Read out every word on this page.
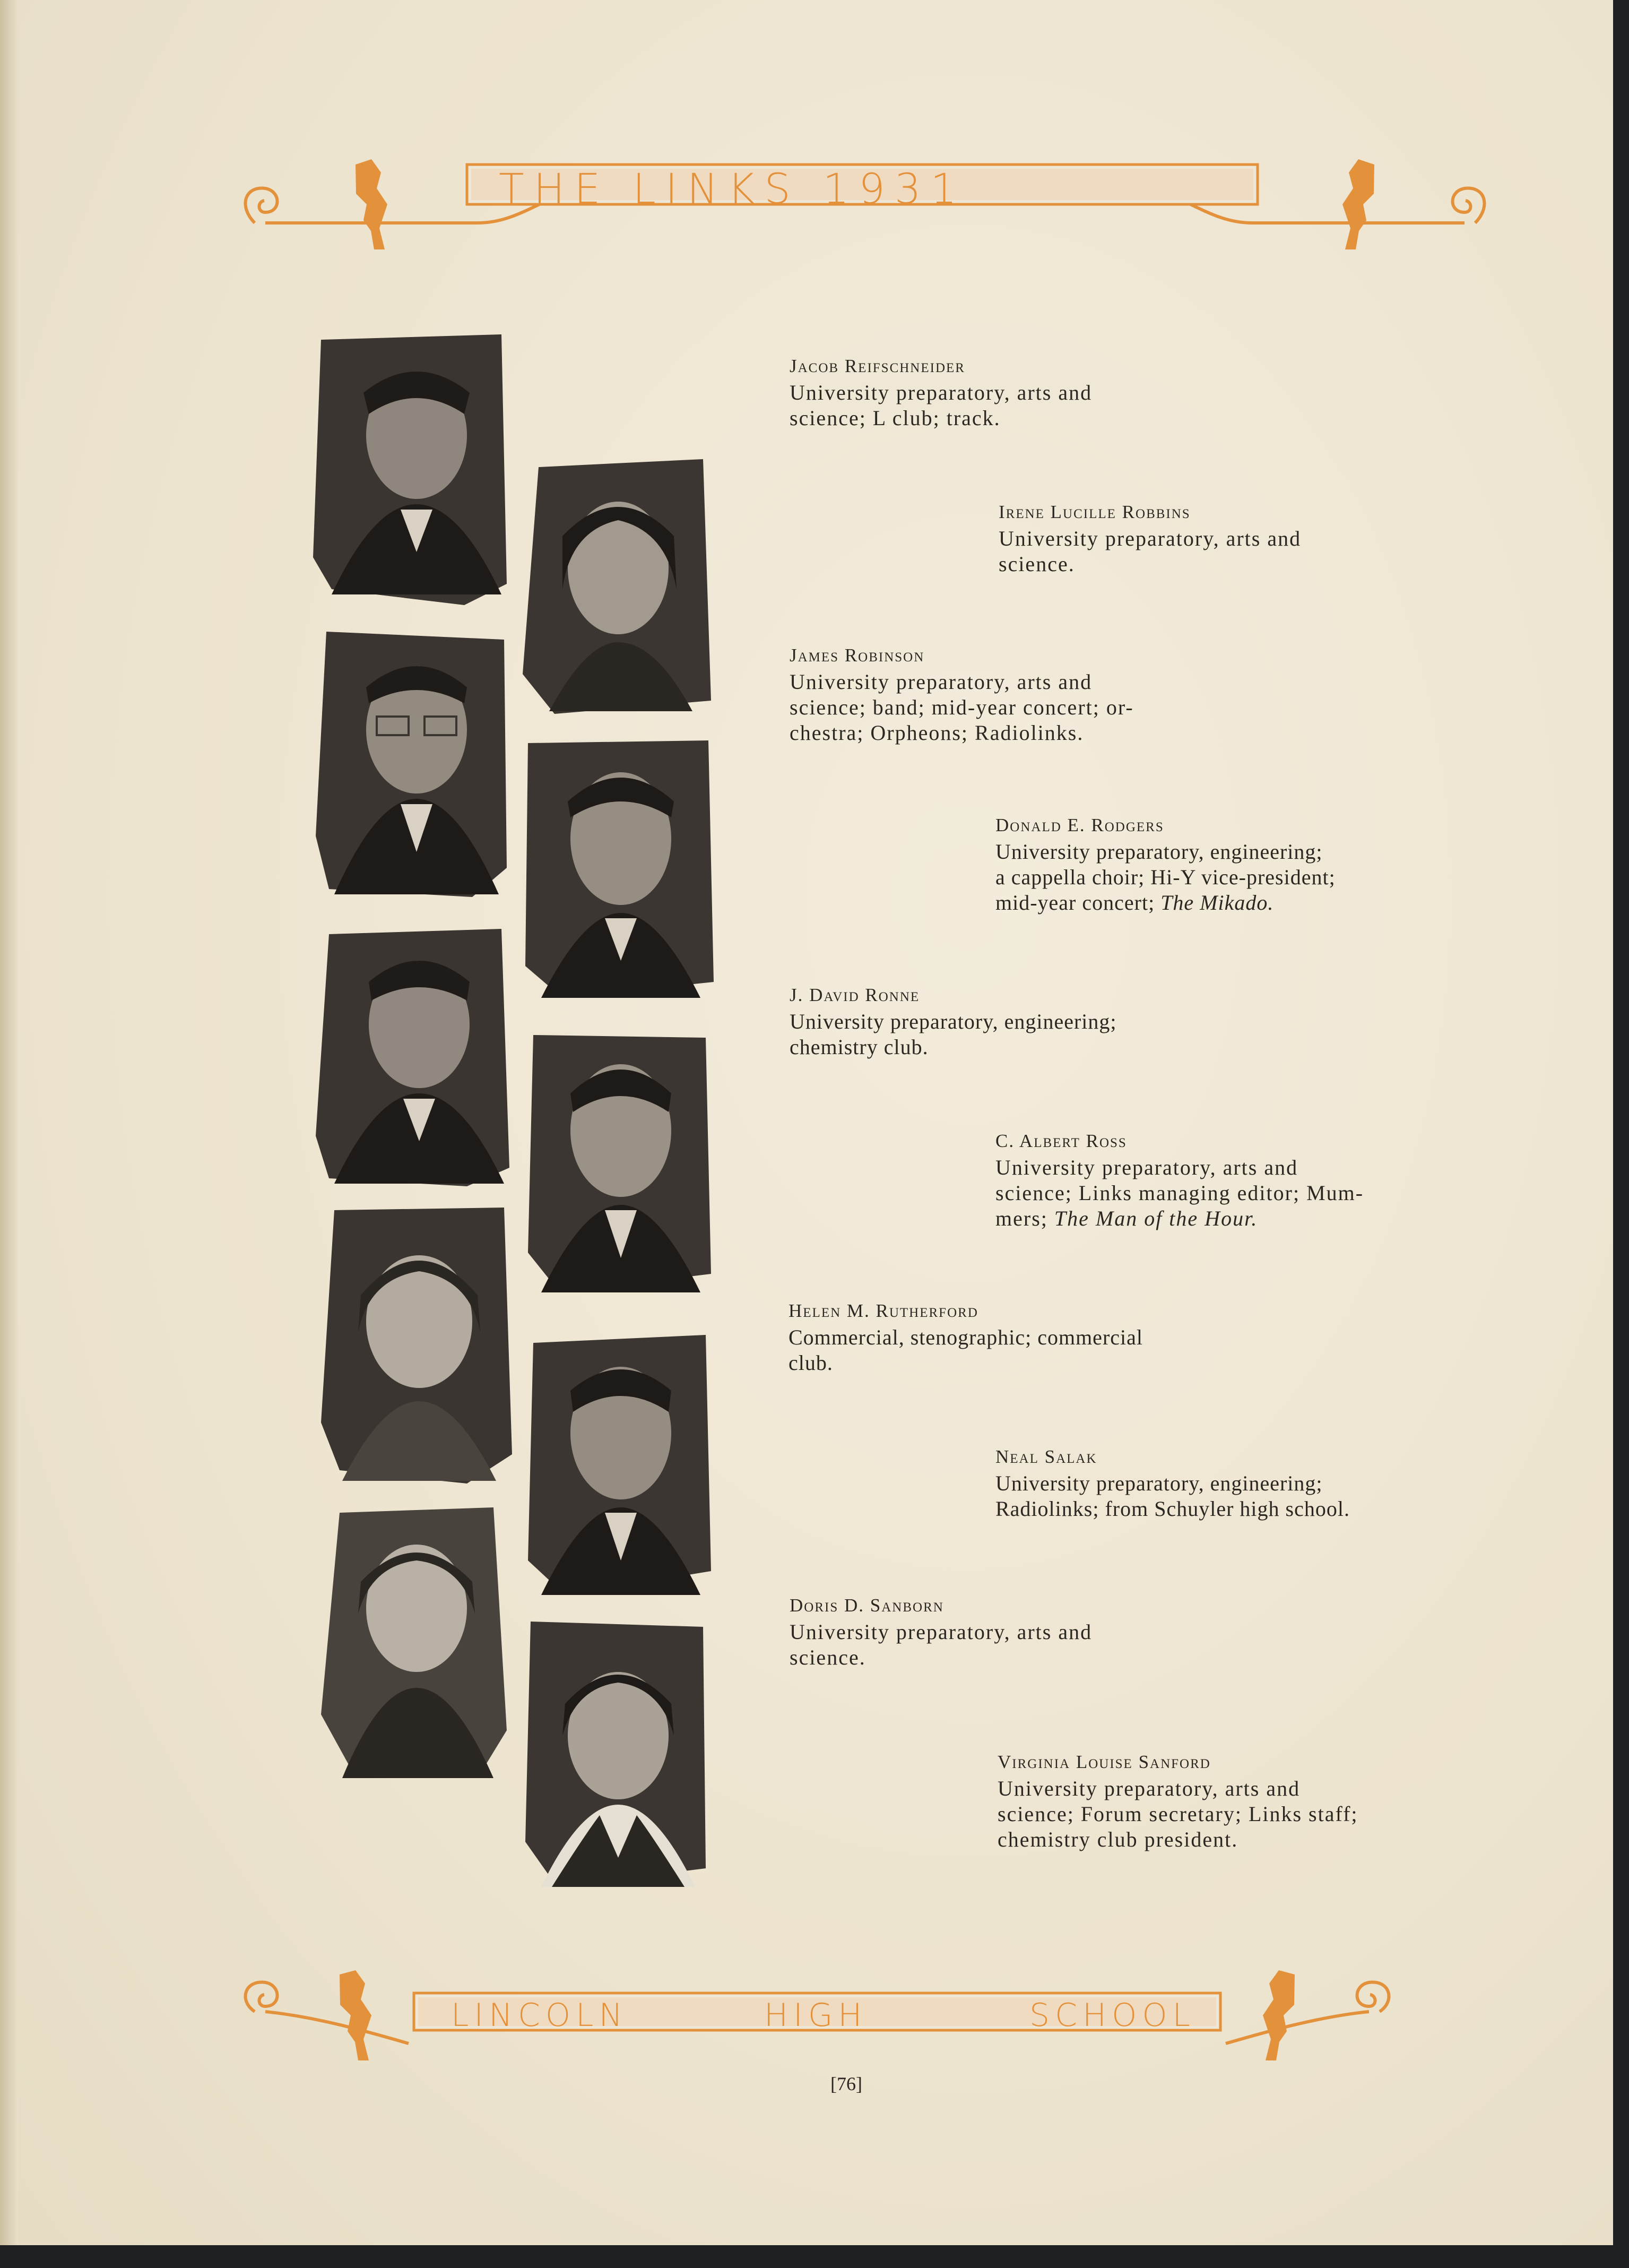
THE LINKS 1931
Jacob Reifschneider
University preparatory, arts and
science; L club; track.
Irene Lucille Robbins
University preparatory, arts and
science.
James Robinson
University preparatory, arts and
science; band; mid-year concert; or-
chestra; Orpheons; Radiolinks.
Donald E. Rodgers
University preparatory, engineering;
a cappella choir; Hi-Y vice-president;
mid-year concert; The Mikado.
J. David Ronne
University preparatory, engineering;
chemistry club.
C. Albert Ross
University preparatory, arts and
science; Links managing editor; Mum-
mers; The Man of the Hour.
Helen M. Rutherford
Commercial, stenographic; commercial
club.
Neal Salak
University preparatory, engineering;
Radiolinks; from Schuyler high school.
Doris D. Sanborn
University preparatory, arts and
science.
Virginia Louise Sanford
University preparatory, arts and
science; Forum secretary; Links staff;
chemistry club president.
LINCOLN	HIGH	SCHOOL
[76]
